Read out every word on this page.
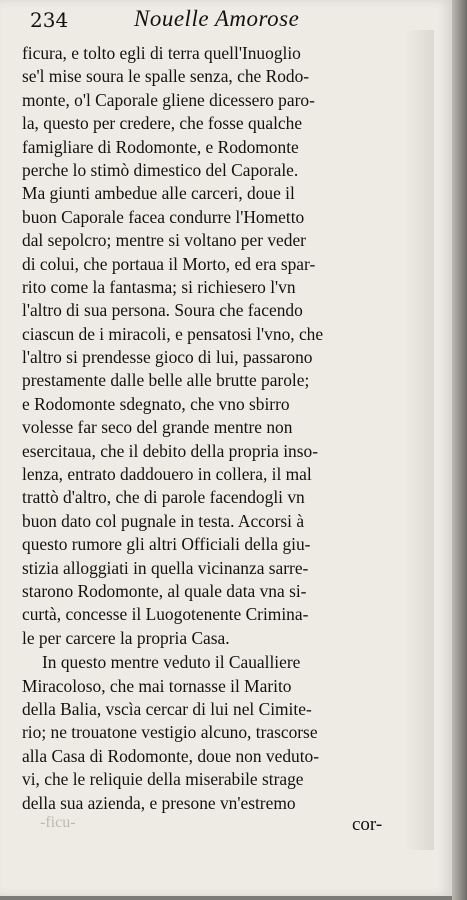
234	Nouelle Amorose
ficura, e tolto egli di terra quell'Inuoglio
se'l mise soura le spalle senza, che Rodo-
monte, o'l Caporale gliene dicessero paro-
la, questo per credere, che fosse qualche
famigliare di Rodomonte, e Rodomonte
perche lo stimò dimestico del Caporale.
Ma giunti ambedue alle carceri, doue il
buon Caporale facea condurre l'Hometto
dal sepolcro; mentre si voltano per veder
di colui, che portaua il Morto, ed era spar-
rito come la fantasma; si richiesero l'vn
l'altro di sua persona. Soura che facendo
ciascun de i miracoli, e pensatosi l'vno, che
l'altro si prendesse gioco di lui, passarono
prestamente dalle belle alle brutte parole;
e Rodomonte sdegnato, che vno sbirro
volesse far seco del grande mentre non
esercitaua, che il debito della propria inso-
lenza, entrato daddouero in collera, il mal
trattò d'altro, che di parole facendogli vn
buon dato col pugnale in testa. Accorsi à
questo rumore gli altri Officiali della giu-
stizia alloggiati in quella vicinanza sarre-
starono Rodomonte, al quale data vna si-
curtà, concesse il Luogotenente Crimina-
le per carcere la propria Casa.
In questo mentre veduto il Caualliere
Miracoloso, che mai tornasse il Marito
della Balia, vscìa cercar di lui nel Cimite-
rio; ne trouatone vestigio alcuno, trascorse
alla Casa di Rodomonte, doue non veduto-
vi, che le reliquie della miserabile strage
della sua azienda, e presone vn'estremo
-ficu-	cor-
